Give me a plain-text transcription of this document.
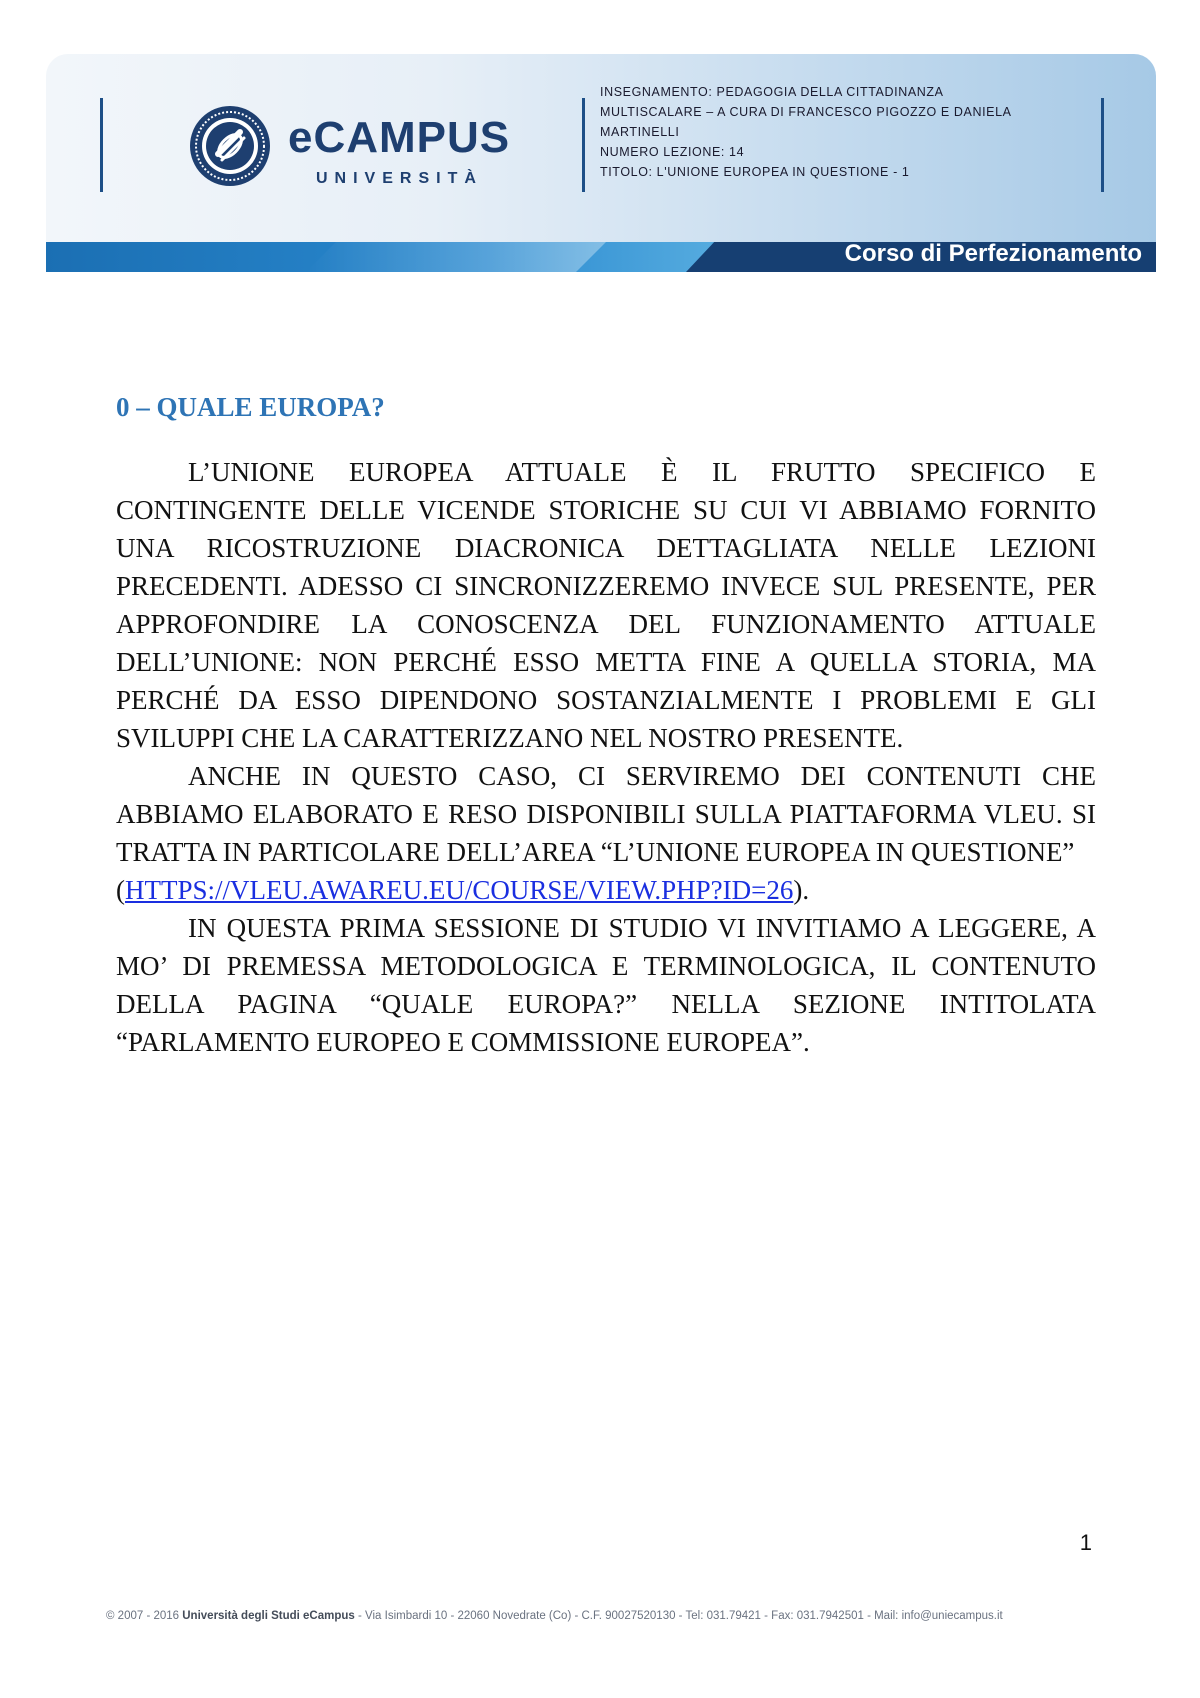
eCAMPUS
UNIVERSITÀ
INSEGNAMENTO: PEDAGOGIA DELLA CITTADINANZA
MULTISCALARE – A CURA DI FRANCESCO PIGOZZO E DANIELA
MARTINELLI
NUMERO LEZIONE: 14
TITOLO: L'UNIONE EUROPEA IN QUESTIONE - 1
Corso di Perfezionamento
0 – QUALE EUROPA?

L’UNIONE EUROPEA ATTUALE È IL FRUTTO SPECIFICO E CONTINGENTE DELLE VICENDE STORICHE SU CUI VI ABBIAMO FORNITO UNA RICOSTRUZIONE DIACRONICA DETTAGLIATA NELLE LEZIONI PRECEDENTI. ADESSO CI SINCRONIZZEREMO INVECE SUL PRESENTE, PER APPROFONDIRE LA CONOSCENZA DEL FUNZIONAMENTO ATTUALE DELL’UNIONE: NON PERCHÉ ESSO METTA FINE A QUELLA STORIA, MA PERCHÉ DA ESSO DIPENDONO SOSTANZIALMENTE I PROBLEMI E GLI SVILUPPI CHE LA CARATTERIZZANO NEL NOSTRO PRESENTE.

ANCHE IN QUESTO CASO, CI SERVIREMO DEI CONTENUTI CHE ABBIAMO ELABORATO E RESO DISPONIBILI SULLA PIATTAFORMA VLEU. SI TRATTA IN PARTICOLARE DELL’AREA “L’UNIONE EUROPEA IN QUESTIONE”

(HTTPS://VLEU.AWAREU.EU/COURSE/VIEW.PHP?ID=26).

IN QUESTA PRIMA SESSIONE DI STUDIO VI INVITIAMO A LEGGERE, A MO’ DI PREMESSA METODOLOGICA E TERMINOLOGICA, IL CONTENUTO DELLA PAGINA “QUALE EUROPA?” NELLA SEZIONE INTITOLATA “PARLAMENTO EUROPEO E COMMISSIONE EUROPEA”.

1
© 2007 - 2016 Università degli Studi eCampus - Via Isimbardi 10 - 22060 Novedrate (Co) - C.F. 90027520130 - Tel: 031.79421 - Fax: 031.7942501 - Mail: info@uniecampus.it
